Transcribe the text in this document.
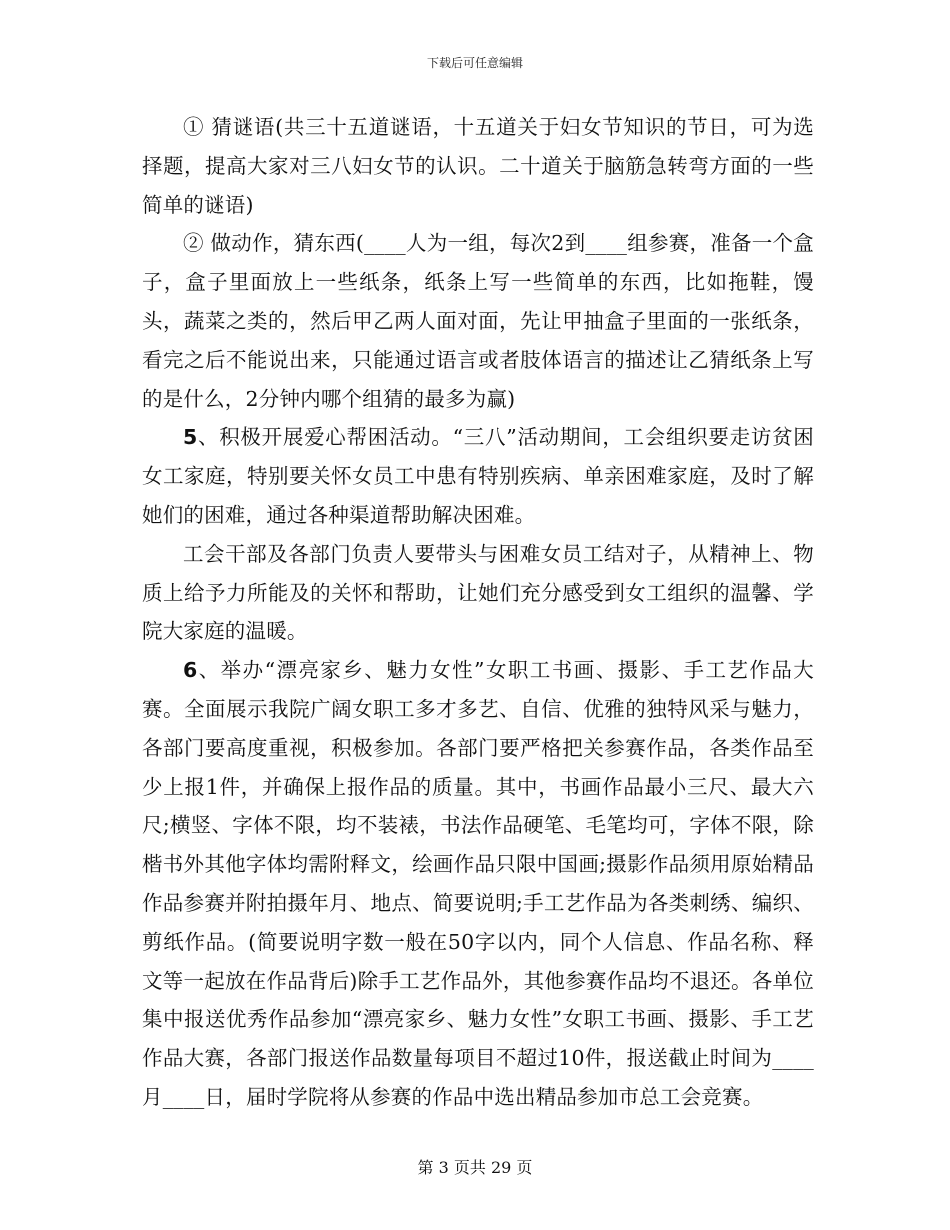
下载后可任意编辑

① 猜谜语(共三十五道谜语，十五道关于妇女节知识的节日，可为选择题，提高大家对三八妇女节的认识。二十道关于脑筋急转弯方面的一些简单的谜语)

② 做动作，猜东西(____人为一组，每次2到____组参赛，准备一个盒子，盒子里面放上一些纸条，纸条上写一些简单的东西，比如拖鞋，馒头，蔬菜之类的，然后甲乙两人面对面，先让甲抽盒子里面的一张纸条，看完之后不能说出来，只能通过语言或者肢体语言的描述让乙猜纸条上写的是什么，2分钟内哪个组猜的最多为赢)

5、积极开展爱心帮困活动。“三八”活动期间，工会组织要走访贫困女工家庭，特别要关怀女员工中患有特别疾病、单亲困难家庭，及时了解她们的困难，通过各种渠道帮助解决困难。

工会干部及各部门负责人要带头与困难女员工结对子，从精神上、物质上给予力所能及的关怀和帮助，让她们充分感受到女工组织的温馨、学院大家庭的温暖。

6、举办“漂亮家乡、魅力女性”女职工书画、摄影、手工艺作品大赛。全面展示我院广阔女职工多才多艺、自信、优雅的独特风采与魅力，各部门要高度重视，积极参加。各部门要严格把关参赛作品，各类作品至少上报1件，并确保上报作品的质量。其中，书画作品最小三尺、最大六尺;横竖、字体不限，均不装裱，书法作品硬笔、毛笔均可，字体不限，除楷书外其他字体均需附释文，绘画作品只限中国画;摄影作品须用原始精品作品参赛并附拍摄年月、地点、简要说明;手工艺作品为各类刺绣、编织、剪纸作品。(简要说明字数一般在50字以内，同个人信息、作品名称、释文等一起放在作品背后)除手工艺作品外，其他参赛作品均不退还。各单位集中报送优秀作品参加“漂亮家乡、魅力女性”女职工书画、摄影、手工艺作品大赛，各部门报送作品数量每项目不超过10件，报送截止时间为____月____日，届时学院将从参赛的作品中选出精品参加市总工会竞赛。

第 3 页共 29 页
